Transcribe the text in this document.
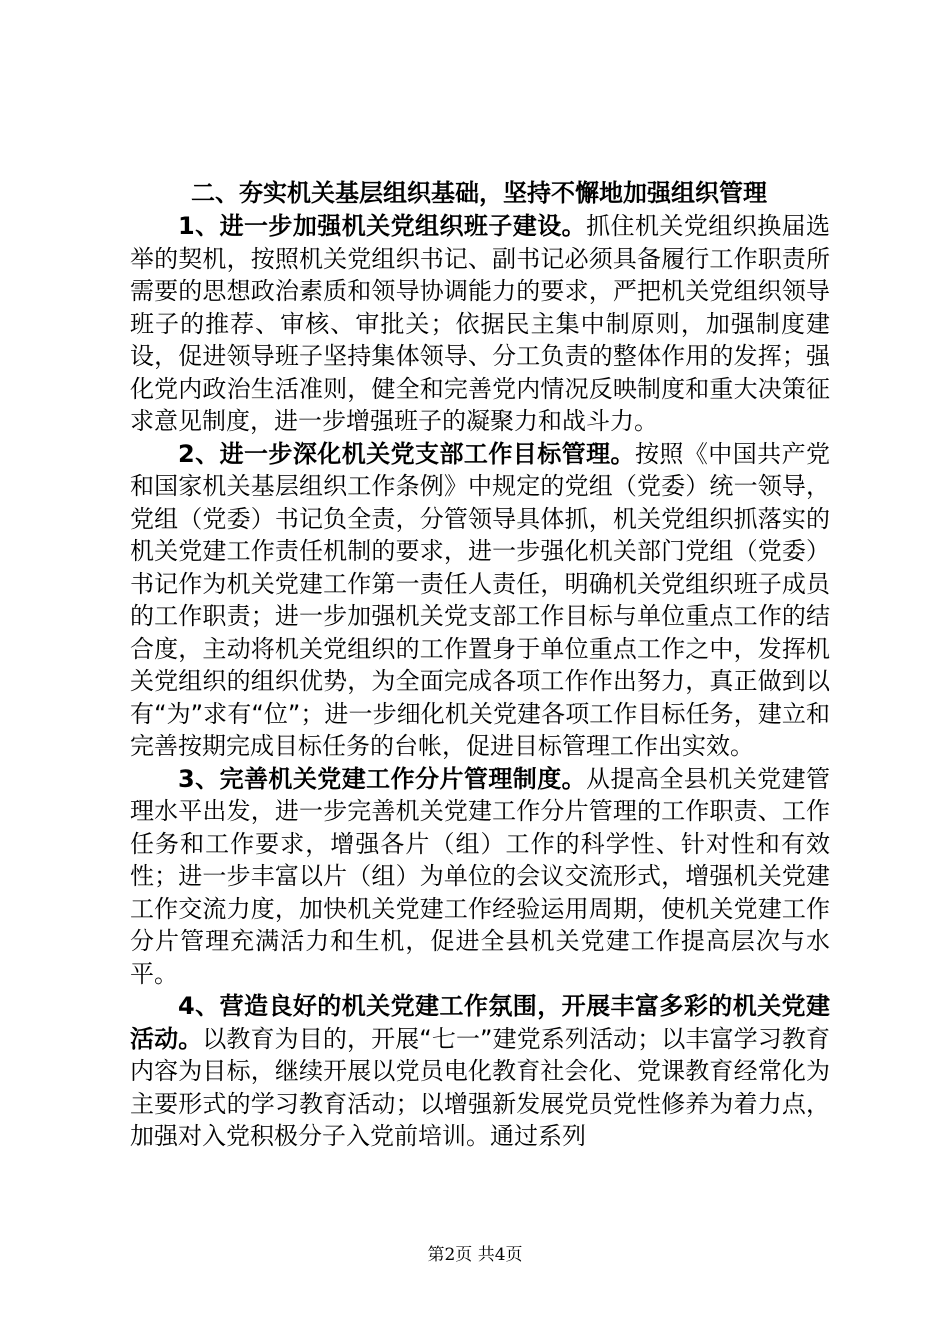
二、夯实机关基层组织基础，坚持不懈地加强组织管理

1、进一步加强机关党组织班子建设。抓住机关党组织换届选举的契机，按照机关党组织书记、副书记必须具备履行工作职责所需要的思想政治素质和领导协调能力的要求，严把机关党组织领导班子的推荐、审核、审批关；依据民主集中制原则，加强制度建设，促进领导班子坚持集体领导、分工负责的整体作用的发挥；强化党内政治生活准则，健全和完善党内情况反映制度和重大决策征求意见制度，进一步增强班子的凝聚力和战斗力。

2、进一步深化机关党支部工作目标管理。按照《中国共产党和国家机关基层组织工作条例》中规定的党组（党委）统一领导，党组（党委）书记负全责，分管领导具体抓，机关党组织抓落实的机关党建工作责任机制的要求，进一步强化机关部门党组（党委）书记作为机关党建工作第一责任人责任，明确机关党组织班子成员的工作职责；进一步加强机关党支部工作目标与单位重点工作的结合度，主动将机关党组织的工作置身于单位重点工作之中，发挥机关党组织的组织优势，为全面完成各项工作作出努力，真正做到以有“为”求有“位”；进一步细化机关党建各项工作目标任务，建立和完善按期完成目标任务的台帐，促进目标管理工作出实效。

3、完善机关党建工作分片管理制度。从提高全县机关党建管理水平出发，进一步完善机关党建工作分片管理的工作职责、工作任务和工作要求，增强各片（组）工作的科学性、针对性和有效性；进一步丰富以片（组）为单位的会议交流形式，增强机关党建工作交流力度，加快机关党建工作经验运用周期，使机关党建工作分片管理充满活力和生机，促进全县机关党建工作提高层次与水平。

4、营造良好的机关党建工作氛围，开展丰富多彩的机关党建活动。以教育为目的，开展“七一”建党系列活动；以丰富学习教育内容为目标，继续开展以党员电化教育社会化、党课教育经常化为主要形式的学习教育活动；以增强新发展党员党性修养为着力点，加强对入党积极分子入党前培训。通过系列

第2页 共4页
